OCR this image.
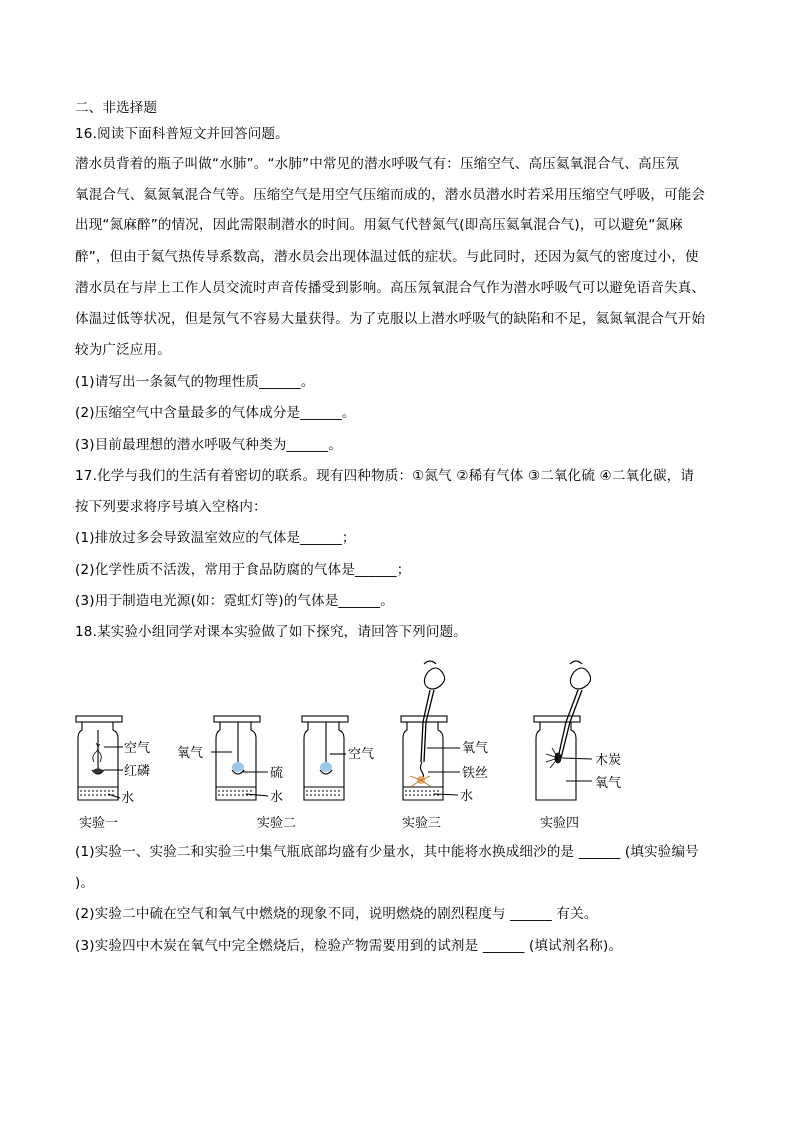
二、非选择题
16.阅读下面科普短文并回答问题。
潜水员背着的瓶子叫做“水肺”。“水肺”中常见的潜水呼吸气有：压缩空气、高压氦氧混合气、高压氖
氧混合气、氦氮氧混合气等。压缩空气是用空气压缩而成的，潜水员潜水时若采用压缩空气呼吸，可能会
出现“氮麻醉”的情况，因此需限制潜水的时间。用氦气代替氮气(即高压氦氧混合气)，可以避免“氮麻
醉”，但由于氦气热传导系数高，潜水员会出现体温过低的症状。与此同时，还因为氦气的密度过小，使
潜水员在与岸上工作人员交流时声音传播受到影响。高压氖氧混合气作为潜水呼吸气可以避免语音失真、
体温过低等状况，但是氖气不容易大量获得。为了克服以上潜水呼吸气的缺陷和不足，氦氮氧混合气开始
较为广泛应用。
(1)请写出一条氦气的物理性质______。
(2)压缩空气中含量最多的气体成分是______。
(3)目前最理想的潜水呼吸气种类为______。
17.化学与我们的生活有着密切的联系。现有四种物质：①氮气 ②稀有气体 ③二氧化硫 ④二氧化碳，请
按下列要求将序号填入空格内：
(1)排放过多会导致温室效应的气体是______；
(2)化学性质不活泼，常用于食品防腐的气体是______；
(3)用于制造电光源(如：霓虹灯等)的气体是______。
18.某实验小组同学对课本实验做了如下探究，请回答下列问题。
空气
红磷
水
实验一
氧气
硫
空气
水
实验二
氧气
铁丝
水
实验三
木炭
氧气
实验四
(1)实验一、实验二和实验三中集气瓶底部均盛有少量水，其中能将水换成细沙的是 ______ (填实验编号
)。
(2)实验二中硫在空气和氧气中燃烧的现象不同，说明燃烧的剧烈程度与 ______ 有关。
(3)实验四中木炭在氧气中完全燃烧后，检验产物需要用到的试剂是 ______ (填试剂名称)。
